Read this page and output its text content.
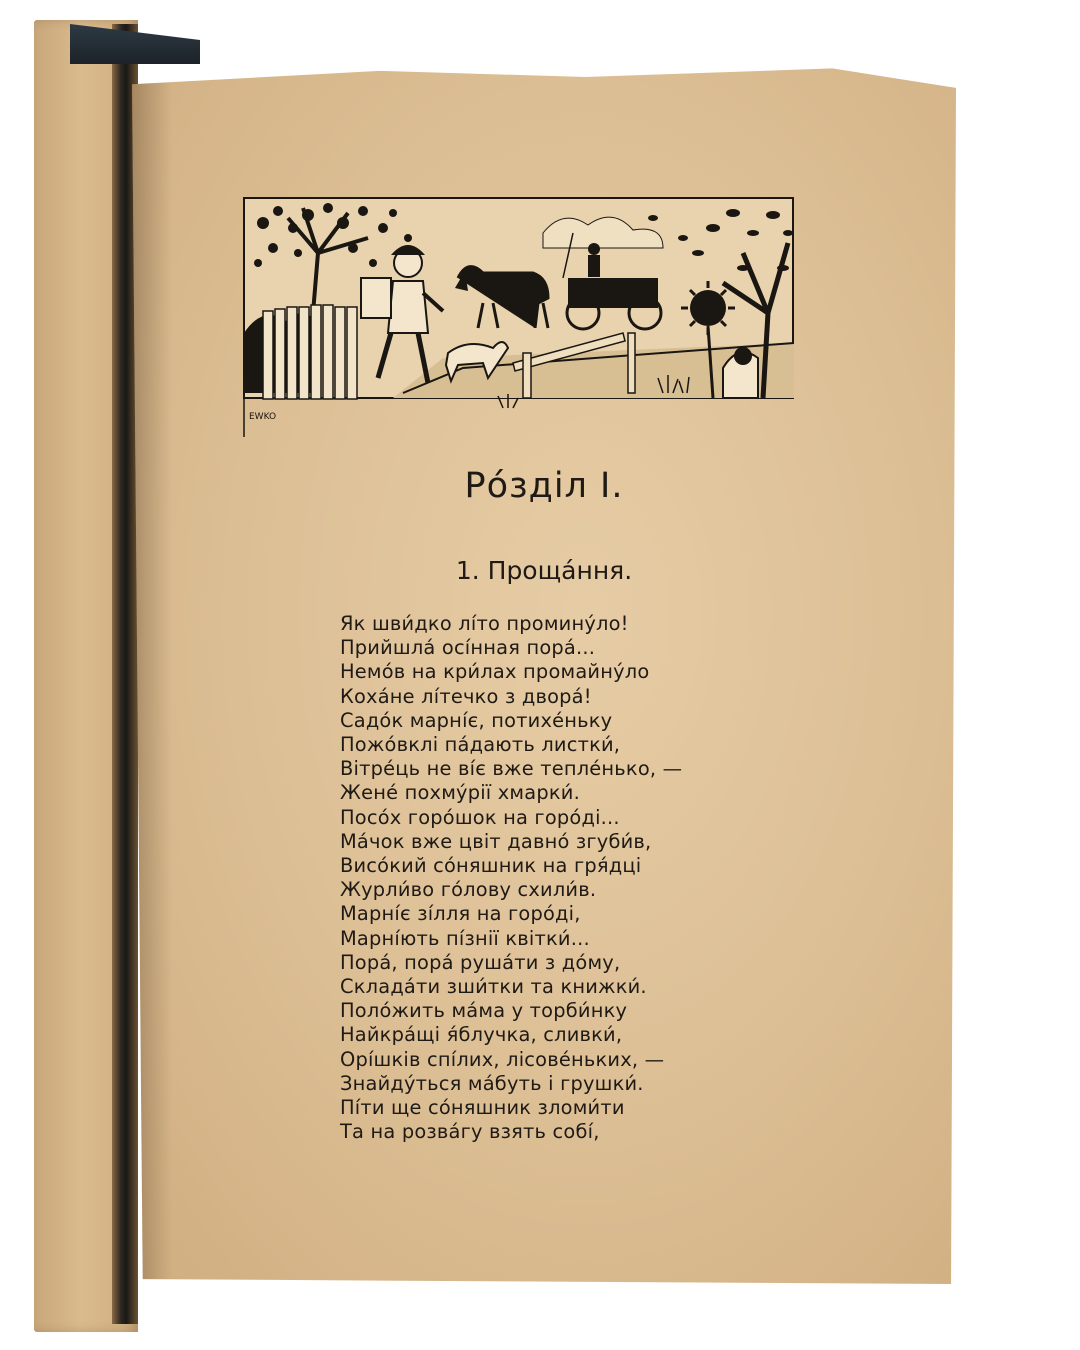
EWKO
Ро́зділ I.
1. Проща́ння.
Як шви́дко лі́то промину́ло!
Прийшла́ осі́нная пора́...
Немо́в на кри́лах промайну́ло
Коха́не лі́течко з двора́!
Садо́к марні́є, потихе́ньку
Пожо́вклі па́дають листки́,
Вітре́ць не ві́є вже тепле́нько, —
Жене́ похму́рії хмарки́.
Посо́х горо́шок на горо́ді...
Ма́чок вже цвіт давно́ згуби́в,
Висо́кий со́няшник на гря́дці
Журли́во го́лову схили́в.
Марні́є зі́лля на горо́ді,
Марні́ють пі́знії квітки́...
Пора́, пора́ руша́ти з до́му,
Склада́ти зши́тки та книжки́.
Поло́жить ма́ма у торби́нку
Найкра́щі я́блучка, сливки́,
Орі́шків спі́лих, лісове́ньких, —
Знайду́ться ма́буть і грушки́.
Пі́ти ще со́няшник зломи́ти
Та на розва́гу взять собі́,
